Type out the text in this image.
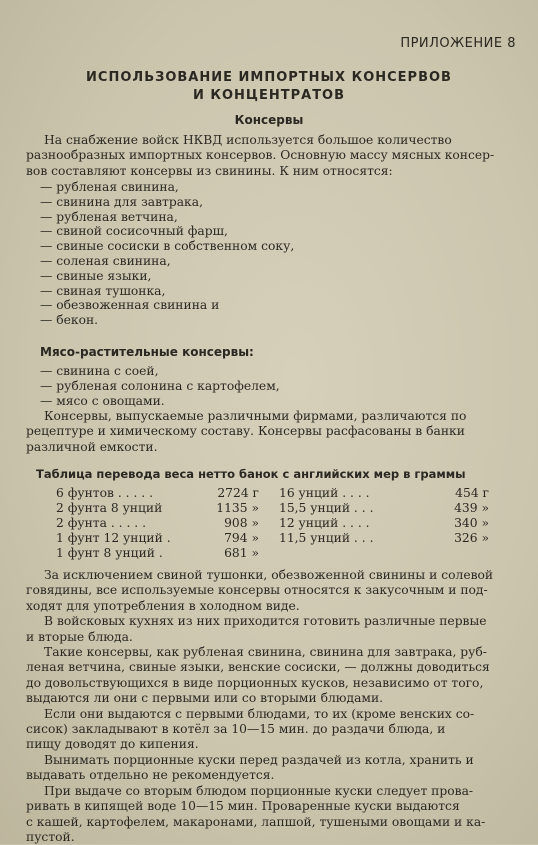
ПРИЛОЖЕНИЕ 8
ИСПОЛЬЗОВАНИЕ ИМПОРТНЫХ КОНСЕРВОВ
И КОНЦЕНТРАТОВ
Консервы
На снабжение войск НКВД используется большое количество
разнообразных импортных консервов. Основную массу мясных консер-
вов составляют консервы из свинины. К ним относятся:
— рубленая свинина,
— свинина для завтрака,
— рубленая ветчина,
— свиной сосисочный фарш,
— свиные сосиски в собственном соку,
— соленая свинина,
— свиные языки,
— свиная тушонка,
— обезвоженная свинина и
— бекон.
Мясо-растительные консервы:
— свинина с соей,
— рубленая солонина с картофелем,
— мясо с овощами.
Консервы, выпускаемые различными фирмами, различаются по
рецептуре и химическому составу. Консервы расфасованы в банки
различной емкости.
Таблица перевода веса нетто банок с английских мер в граммы
6 фунтов . . . . .	2724 г	16 унций . . . .	454 г
2 фунта 8 унций	1135 »	15,5 унций . . .	439 »
2 фунта . . . . .	908 »	12 унций . . . .	340 »
1 фунт 12 унций .	794 »	11,5 унций . . .	326 »
1 фунт 8 унций .	681 »		
За исключением свиной тушонки, обезвоженной свинины и солевой
говядины, все используемые консервы относятся к закусочным и под-
ходят для употребления в холодном виде.
В войсковых кухнях из них приходится готовить различные первые
и вторые блюда.
Такие консервы, как рубленая свинина, свинина для завтрака, руб-
леная ветчина, свиные языки, венские сосиски, — должны доводиться
до довольствующихся в виде порционных кусков, независимо от того,
выдаются ли они с первыми или со вторыми блюдами.
Если они выдаются с первыми блюдами, то их (кроме венских со-
сисок) закладывают в котёл за 10—15 мин. до раздачи блюда, и
пищу доводят до кипения.
Вынимать порционные куски перед раздачей из котла, хранить и
выдавать отдельно не рекомендуется.
При выдаче со вторым блюдом порционные куски следует прова-
ривать в кипящей воде 10—15 мин. Проваренные куски выдаются
с кашей, картофелем, макаронами, лапшой, тушеными овощами и ка-
пустой.
